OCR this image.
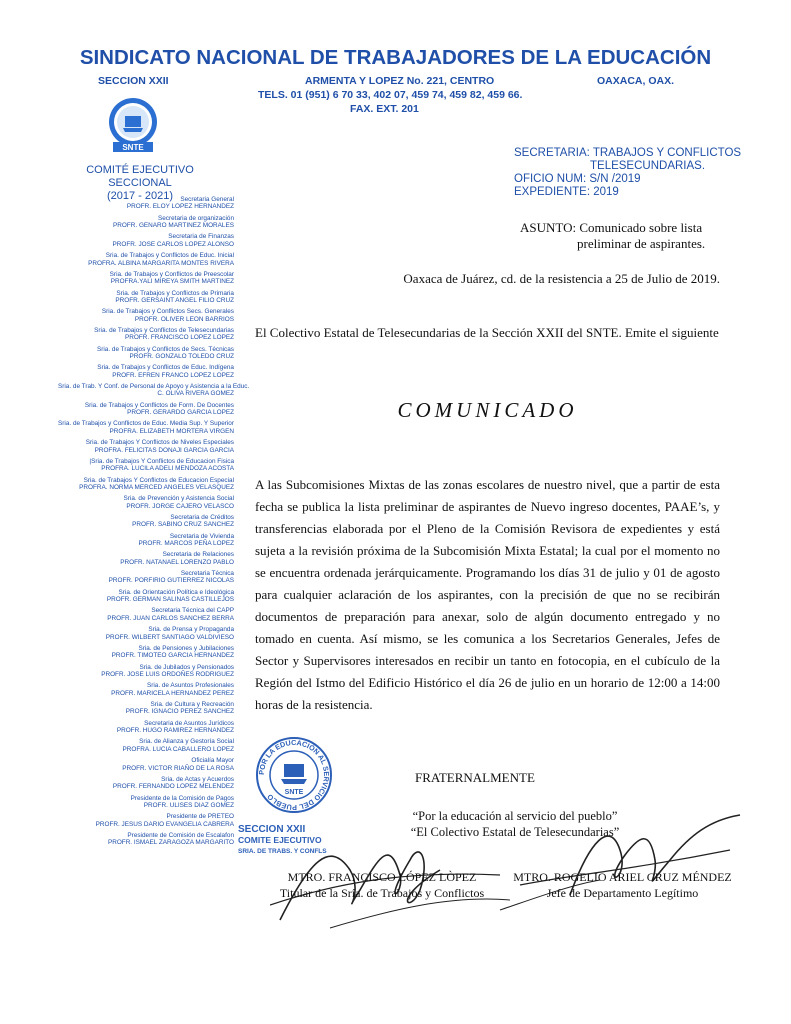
SINDICATO NACIONAL DE TRABAJADORES DE LA EDUCACIÓN
SECCION XXII	ARMENTA Y LOPEZ No. 221, CENTRO	OAXACA, OAX.
TELS. 01 (951) 6 70 33, 402 07, 459 74, 459 82, 459 66.
FAX. EXT. 201
SNTE
COMITÉ EJECUTIVO SECCIONAL
(2017 - 2021)	Secretaria General
PROFR. ELOY LOPEZ HERNANDEZ
Secretaria de organización
PROFR. GENARO MARTINEZ MORALES
Secretaria de Finanzas
PROFR. JOSE CARLOS LOPEZ ALONSO
Sria. de Trabajos y Conflictos de Educ. Inicial
PROFRA. ALBINA MARGARITA MONTES RIVERA
Sria. de Trabajos y Conflictos de Preescolar
PROFRA.YALI MIREYA SMITH MARTINEZ
Sria. de Trabajos y Conflictos de Primaria
PROFR. GERSAINT ANGEL FILIO CRUZ
Sria. de Trabajos y Conflictos Secs. Generales
PROFR. OLIVER LEON BARRIOS
Sria. de Trabajos y Conflictos de Telesecundarias
PROFR. FRANCISCO LOPEZ LOPEZ
Sria. de Trabajos y Conflictos de Secs. Técnicas
PROFR. GONZALO TOLEDO CRUZ
Sria. de Trabajos y Conflictos de Educ. Indígena
PROFR. EFREN FRANCO LOPEZ LOPEZ
Sria. de Trab. Y Conf. de Personal de Apoyo y Asistencia a la Educ.
C. OLIVA RIVERA GOMEZ
Sria. de Trabajos y Conflictos de Form. De Docentes
PROFR. GERARDO GARCIA LOPEZ
Sria. de Trabajos y Conflictos de Educ. Media Sup. Y Superior
PROFRA. ELIZABETH MORTERA VIRGEN
Sria. de Trabajos Y Conflictos de Niveles Especiales
PROFRA. FELICITAS DONAJI GARCIA GARCIA
|Sria. de Trabajos Y Conflictos de Educacion Fisica
PROFRA. LUCILA ADELI MENDOZA ACOSTA
Sria. de Trabajos Y Conflictos de Educacion Especial
PROFRA. NORMA MERCED ANGELES VELASQUEZ
Sria. de Prevención y Asistencia Social
PROFR. JORGE CAJERO VELASCO
Secretaria de Créditos
PROFR. SABINO CRUZ SANCHEZ
Secretaria de Vivienda
PROFR. MARCOS PEÑA LOPEZ
Secretaria de Relaciones
PROFR. NATANAEL LORENZO PABLO
Secretaria Técnica
PROFR. PORFIRIO GUTIERREZ NICOLAS
Sria. de Orientación Política e Ideológica
PROFR. GERMAN SALINAS CASTILLEJOS
Secretaria Técnica del CAPP
PROFR. JUAN CARLOS SANCHEZ BERRA
Sria. de Prensa y Propaganda
PROFR. WILBERT SANTIAGO VALDIVIESO
Sria. de Pensiones y Jubilaciones
PROFR. TIMOTEO GARCIA HERNANDEZ
Sria. de Jubilados y Pensionados
PROFR. JOSE LUIS ORDOÑES RODRIGUEZ
Sria. de Asuntos Profesionales
PROFR. MARICELA HERNANDEZ PEREZ
Sria. de Cultura y Recreación
PROFR. IGNACIO PEREZ SANCHEZ
Secretaria de Asuntos Jurídicos
PROFR. HUGO RAMIREZ HERNANDEZ
Sria. de Alianza y Gestoría Social
PROFRA. LUCIA CABALLERO LOPEZ
Oficialía Mayor
PROFR. VICTOR RIAÑO DE LA ROSA
Sria. de Actas y Acuerdos
PROFR. FERNANDO LOPEZ MELENDEZ
Presidente de la Comisión de Pagos
PROFR. ULISES DIAZ GOMEZ
Presidente de PRETEO
PROFR. JESUS DARIO EVANGELIA CABRERA
Presidente de Comisión de Escalafon
PROFR. ISMAEL ZARAGOZA MARGARITO
SECRETARIA: TRABAJOS Y CONFLICTOS
TELESECUNDARIAS.
OFICIO NUM: S/N /2019
EXPEDIENTE: 2019
ASUNTO: Comunicado sobre lista
preliminar de aspirantes.
Oaxaca de Juárez, cd. de la resistencia a 25 de Julio de 2019.
El Colectivo Estatal de Telesecundarias de la Sección XXII del SNTE. Emite el siguiente
COMUNICADO
A las Subcomisiones Mixtas de las zonas escolares de nuestro nivel, que a partir de esta fecha se publica la lista preliminar de aspirantes de Nuevo ingreso docentes, PAAE’s, y transferencias elaborada por el Pleno de la Comisión Revisora de expedientes y está sujeta a la revisión próxima de la Subcomisión Mixta Estatal; la cual por el momento no se encuentra ordenada jerárquicamente. Programando los días 31 de julio y 01 de agosto para cualquier aclaración de los aspirantes, con la precisión de que no se recibirán documentos de preparación para anexar, solo de algún documento entregado y no tomado en cuenta. Así mismo, se les comunica a los Secretarios Generales, Jefes de Sector y Supervisores interesados en recibir un tanto en fotocopia, en el cubículo de la Región del Istmo del Edificio Histórico el día 26 de julio en un horario de 12:00 a 14:00 horas de la resistencia.
FRATERNALMENTE
“Por la educación al servicio del pueblo”
“El Colectivo Estatal de Telesecundarias”
POR LA EDUCACIÓN AL SERVICIO DEL PUEBLO	SNTE
SECCION XXII
COMITE EJECUTIVO
SRIA. DE TRABS. Y CONFLS
MTRO. FRANCISCO LÓPEZ LÒPEZ
Titular de la Sría. de Trabajos y Conflictos
MTRO. ROGELIO ARIEL CRUZ MÉNDEZ
Jefe de Departamento Legítimo
